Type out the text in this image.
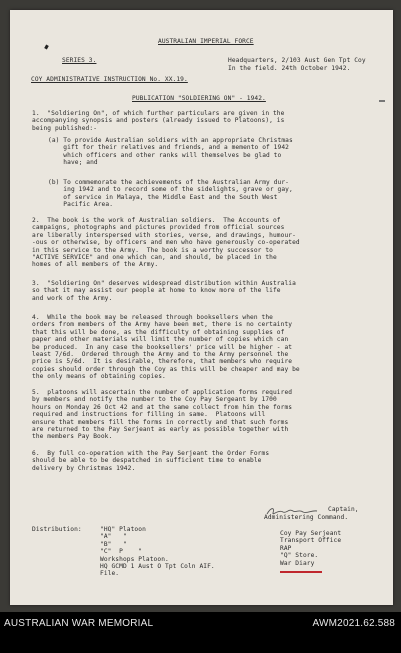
AUSTRALIAN IMPERIAL FORCE
SERIES 3.	Headquarters, 2/103 Aust Gen Tpt Coy
In the field. 24th October 1942.
COY ADMINISTRATIVE INSTRUCTION No. XX.19.
PUBLICATION "SOLDIERING ON" - 1942.
1.  "Soldiering On", of which further particulars are given in the
accompanying synopsis and posters (already issued to Platoons), is
being published:-
(a) To provide Australian soldiers with an appropriate Christmas
gift for their relatives and friends, and a memento of 1942
which officers and other ranks will themselves be glad to
have; and
(b) To commemorate the achievements of the Australian Army dur-
ing 1942 and to record some of the sidelights, grave or gay,
of service in Malaya, the Middle East and the South West
Pacific Area.
2.  The book is the work of Australian soldiers.  The Accounts of
campaigns, photographs and pictures provided from official sources
are liberally interspersed with stories, verse, and drawings, humour-
-ous or otherwise, by officers and men who have generously co-operated
in this service to the Army.  The book is a worthy successor to
"ACTIVE SERVICE" and one which can, and should, be placed in the
homes of all members of the Army.
3.  "Soldiering On" deserves widespread distribution within Australia
so that it may assist our people at home to know more of the life
and work of the Army.
4.  While the book may be released through booksellers when the
orders from members of the Army have been met, there is no certainty
that this will be done, as the difficulty of obtaining supplies of
paper and other materials will limit the number of copies which can
be produced.  In any case the booksellers' price will be higher - at
least 7/6d.  Ordered through the Army and to the Army personnel the
price is 5/6d.  It is desirable, therefore, that members who require
copies should order through the Coy as this will be cheaper and may be
the only means of obtaining copies.
5.  platoons will ascertain the number of application forms required
by members and notify the number to the Coy Pay Sergeant by 1700
hours on Monday 26 Oct 42 and at the same collect from him the forms
required and instructions for filling in same.  Platoons will
ensure that members fill the forms in correctly and that such forms
are returned to the Pay Serjeant as early as possible together with
the members Pay Book.
6.  By full co-operation with the Pay Serjeant the Order Forms
should be able to be despatched in sufficient time to enable
delivery by Christmas 1942.
Captain,
Administering Command.
Distribution:	"HQ" Platoon
"A"   "
"B"   "
"C"  P    "
Workshops Platoon.
HQ GCMD 1 Aust O Tpt Coln AIF.
File.
Coy Pay Serjeant
Transport Office
RAP
"Q" Store.
War Diary
AUSTRALIAN WAR MEMORIAL	AWM2021.62.588
